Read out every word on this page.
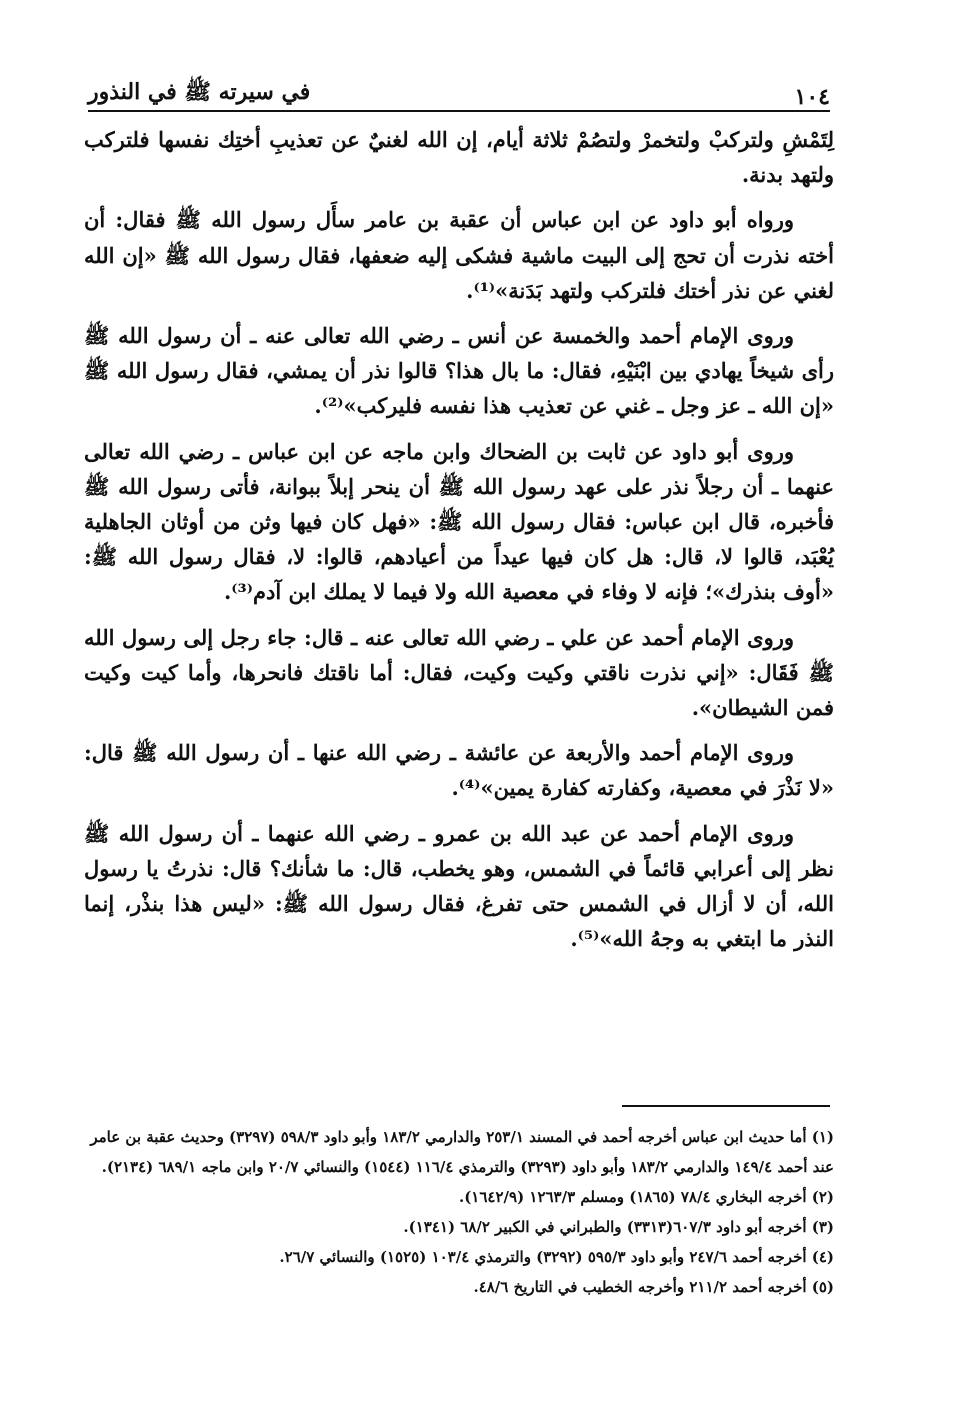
١٠٤
في سيرته ﷺ في النذور

لِتَمْشِ ولتركبْ ولتخمرْ ولتصُمْ ثلاثة أيام، إن الله لغنيٌ عن تعذيبِ أختِك نفسها فلتركب ولتهد بدنة.

ورواه أبو داود عن ابن عباس أن عقبة بن عامر سأَل رسول الله ﷺ فقال: أن أخته نذرت أن تحج إلى البيت ماشية فشكى إليه ضعفها، فقال رسول الله ﷺ «إن الله لغني عن نذر أختك فلتركب ولتهد بَدَنة»⁽¹⁾.

وروى الإمام أحمد والخمسة عن أنس ـ رضي الله تعالى عنه ـ أن رسول الله ﷺ رأى شيخاً يهادي بين ابْنَيْهِ، فقال: ما بال هذا؟ قالوا نذر أن يمشي، فقال رسول الله ﷺ «إن الله ـ عز وجل ـ غني عن تعذيب هذا نفسه فليركب»⁽²⁾.

وروى أبو داود عن ثابت بن الضحاك وابن ماجه عن ابن عباس ـ رضي الله تعالى عنهما ـ أن رجلاً نذر على عهد رسول الله ﷺ أن ينحر إبلاً ببوانة، فأتى رسول الله ﷺ فأخبره، قال ابن عباس: فقال رسول الله ﷺ: «فهل كان فيها وثن من أوثان الجاهلية يُعْبَد، قالوا لا، قال: هل كان فيها عيداً من أعيادهم، قالوا: لا، فقال رسول الله ﷺ: «أوف بنذرك»؛ فإنه لا وفاء في معصية الله ولا فيما لا يملك ابن آدم⁽³⁾.

وروى الإمام أحمد عن علي ـ رضي الله تعالى عنه ـ قال: جاء رجل إلى رسول الله ﷺ فَقَال: «إني نذرت ناقتي وكيت وكيت، فقال: أما ناقتك فانحرها، وأما كيت وكيت فمن الشيطان».

وروى الإمام أحمد والأربعة عن عائشة ـ رضي الله عنها ـ أن رسول الله ﷺ قال: «لا نَذْرَ في معصية، وكفارته كفارة يمين»⁽⁴⁾.

وروى الإمام أحمد عن عبد الله بن عمرو ـ رضي الله عنهما ـ أن رسول الله ﷺ نظر إلى أعرابي قائماً في الشمس، وهو يخطب، قال: ما شأنك؟ قال: نذرتُ يا رسول الله، أن لا أزال في الشمس حتى تفرغ، فقال رسول الله ﷺ: «ليس هذا بنذْر، إنما النذر ما ابتغي به وجهُ الله»⁽⁵⁾.

(١) أما حديث ابن عباس أخرجه أحمد في المسند ٢٥٣/١ والدارمي ١٨٣/٢ وأبو داود ٥٩٨/٣ (٣٢٩٧) وحديث عقبة بن عامر عند أحمد ١٤٩/٤ والدارمي ١٨٣/٢ وأبو داود (٣٢٩٣) والترمذي ١١٦/٤ (١٥٤٤) والنسائي ٢٠/٧ وابن ماجه ٦٨٩/١ (٢١٣٤).

(٢) أخرجه البخاري ٧٨/٤ (١٨٦٥) ومسلم ١٢٦٣/٣ (١٦٤٢/٩).

(٣) أخرجه أبو داود ٦٠٧/٣(٣٣١٣) والطبراني في الكبير ٦٨/٢ (١٣٤١).

(٤) أخرجه أحمد ٢٤٧/٦ وأبو داود ٥٩٥/٣ (٣٢٩٢) والترمذي ١٠٣/٤ (١٥٢٥) والنسائي ٢٦/٧.

(٥) أخرجه أحمد ٢١١/٢ وأخرجه الخطيب في التاريخ ٤٨/٦.
